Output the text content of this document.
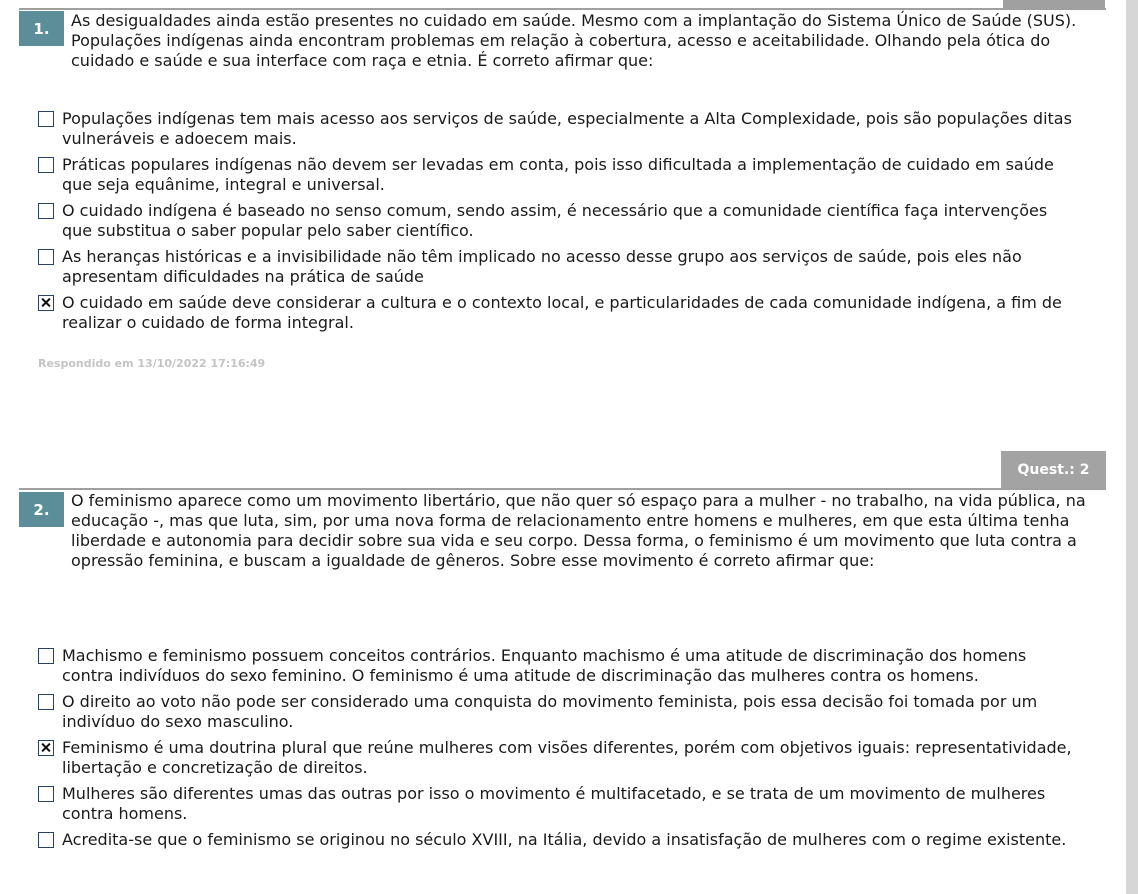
1.	As desigualdades ainda estão presentes no cuidado em saúde. Mesmo com a implantação do Sistema Único de Saúde (SUS). Populações indígenas ainda encontram problemas em relação à cobertura, acesso e aceitabilidade. Olhando pela ótica do cuidado e saúde e sua interface com raça e etnia. É correto afirmar que:
Populações indígenas tem mais acesso aos serviços de saúde, especialmente a Alta Complexidade, pois são populações ditas vulneráveis e adoecem mais.
Práticas populares indígenas não devem ser levadas em conta, pois isso dificultada a implementação de cuidado em saúde que seja equânime, integral e universal.
O cuidado indígena é baseado no senso comum, sendo assim, é necessário que a comunidade científica faça intervenções que substitua o saber popular pelo saber científico.
As heranças históricas e a invisibilidade não têm implicado no acesso desse grupo aos serviços de saúde, pois eles não apresentam dificuldades na prática de saúde
O cuidado em saúde deve considerar a cultura e o contexto local, e particularidades de cada comunidade indígena, a fim de realizar o cuidado de forma integral.
Respondido em 13/10/2022 17:16:49
Quest.: 2
2.	O feminismo aparece como um movimento libertário, que não quer só espaço para a mulher - no trabalho, na vida pública, na educação -, mas que luta, sim, por uma nova forma de relacionamento entre homens e mulheres, em que esta última tenha liberdade e autonomia para decidir sobre sua vida e seu corpo. Dessa forma, o feminismo é um movimento que luta contra a opressão feminina, e buscam a igualdade de gêneros. Sobre esse movimento é correto afirmar que:
Machismo e feminismo possuem conceitos contrários. Enquanto machismo é uma atitude de discriminação dos homens contra indivíduos do sexo feminino. O feminismo é uma atitude de discriminação das mulheres contra os homens.
O direito ao voto não pode ser considerado uma conquista do movimento feminista, pois essa decisão foi tomada por um indivíduo do sexo masculino.
Feminismo é uma doutrina plural que reúne mulheres com visões diferentes, porém com objetivos iguais: representatividade, libertação e concretização de direitos.
Mulheres são diferentes umas das outras por isso o movimento é multifacetado, e se trata de um movimento de mulheres contra homens.
Acredita-se que o feminismo se originou no século XVIII, na Itália, devido a insatisfação de mulheres com o regime existente.
